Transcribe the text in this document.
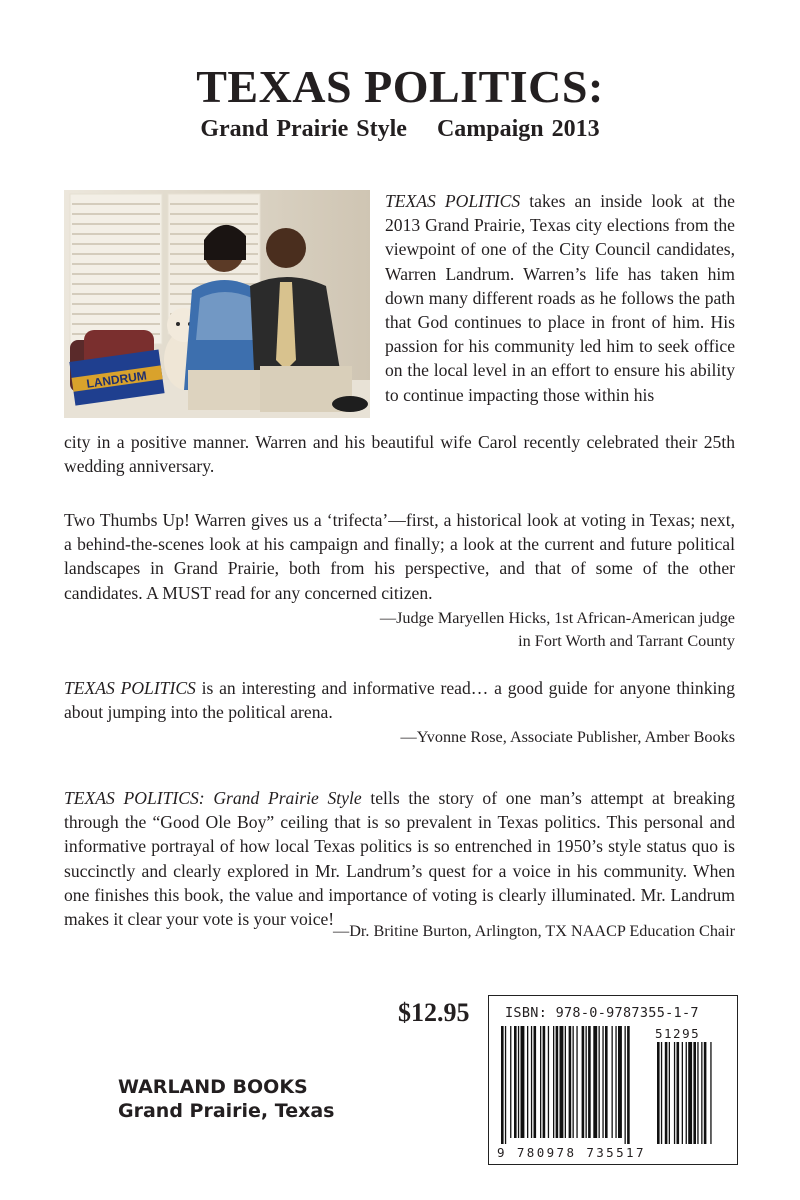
TEXAS POLITICS:
Grand Prairie Style Campaign 2013
LANDRUM

TEXAS POLITICS takes an inside look at the 2013 Grand Prairie, Texas city elections from the viewpoint of one of the City Council candidates, Warren Landrum. Warren’s life has taken him down many different roads as he follows the path that God continues to place in front of him. His passion for his community led him to seek office on the local level in an effort to ensure his ability to continue impacting those within his

city in a positive manner. Warren and his beautiful wife Carol recently celebrated their 25th wedding anniversary.

Two Thumbs Up! Warren gives us a ‘trifecta’—first, a historical look at voting in Texas; next, a behind-the-scenes look at his campaign and finally; a look at the current and future political landscapes in Grand Prairie, both from his perspective, and that of some of the other candidates. A MUST read for any concerned citizen.

—Judge Maryellen Hicks, 1st African-American judge
in Fort Worth and Tarrant County

TEXAS POLITICS is an interesting and informative read… a good guide for anyone thinking about jumping into the political arena.

—Yvonne Rose, Associate Publisher, Amber Books

TEXAS POLITICS: Grand Prairie Style tells the story of one man’s attempt at breaking through the “Good Ole Boy” ceiling that is so prevalent in Texas politics. This personal and informative portrayal of how local Texas politics is so entrenched in 1950’s style status quo is succinctly and clearly explored in Mr. Landrum’s quest for a voice in his community. When one finishes this book, the value and importance of voting is clearly illuminated. Mr. Landrum makes it clear your vote is your voice!

—Dr. Britine Burton, Arlington, TX NAACP Education Chair
$12.95	ISBN: 978-0-9787355-1-7
51295
9 780978 735517
WARLAND BOOKS
Grand Prairie, Texas
